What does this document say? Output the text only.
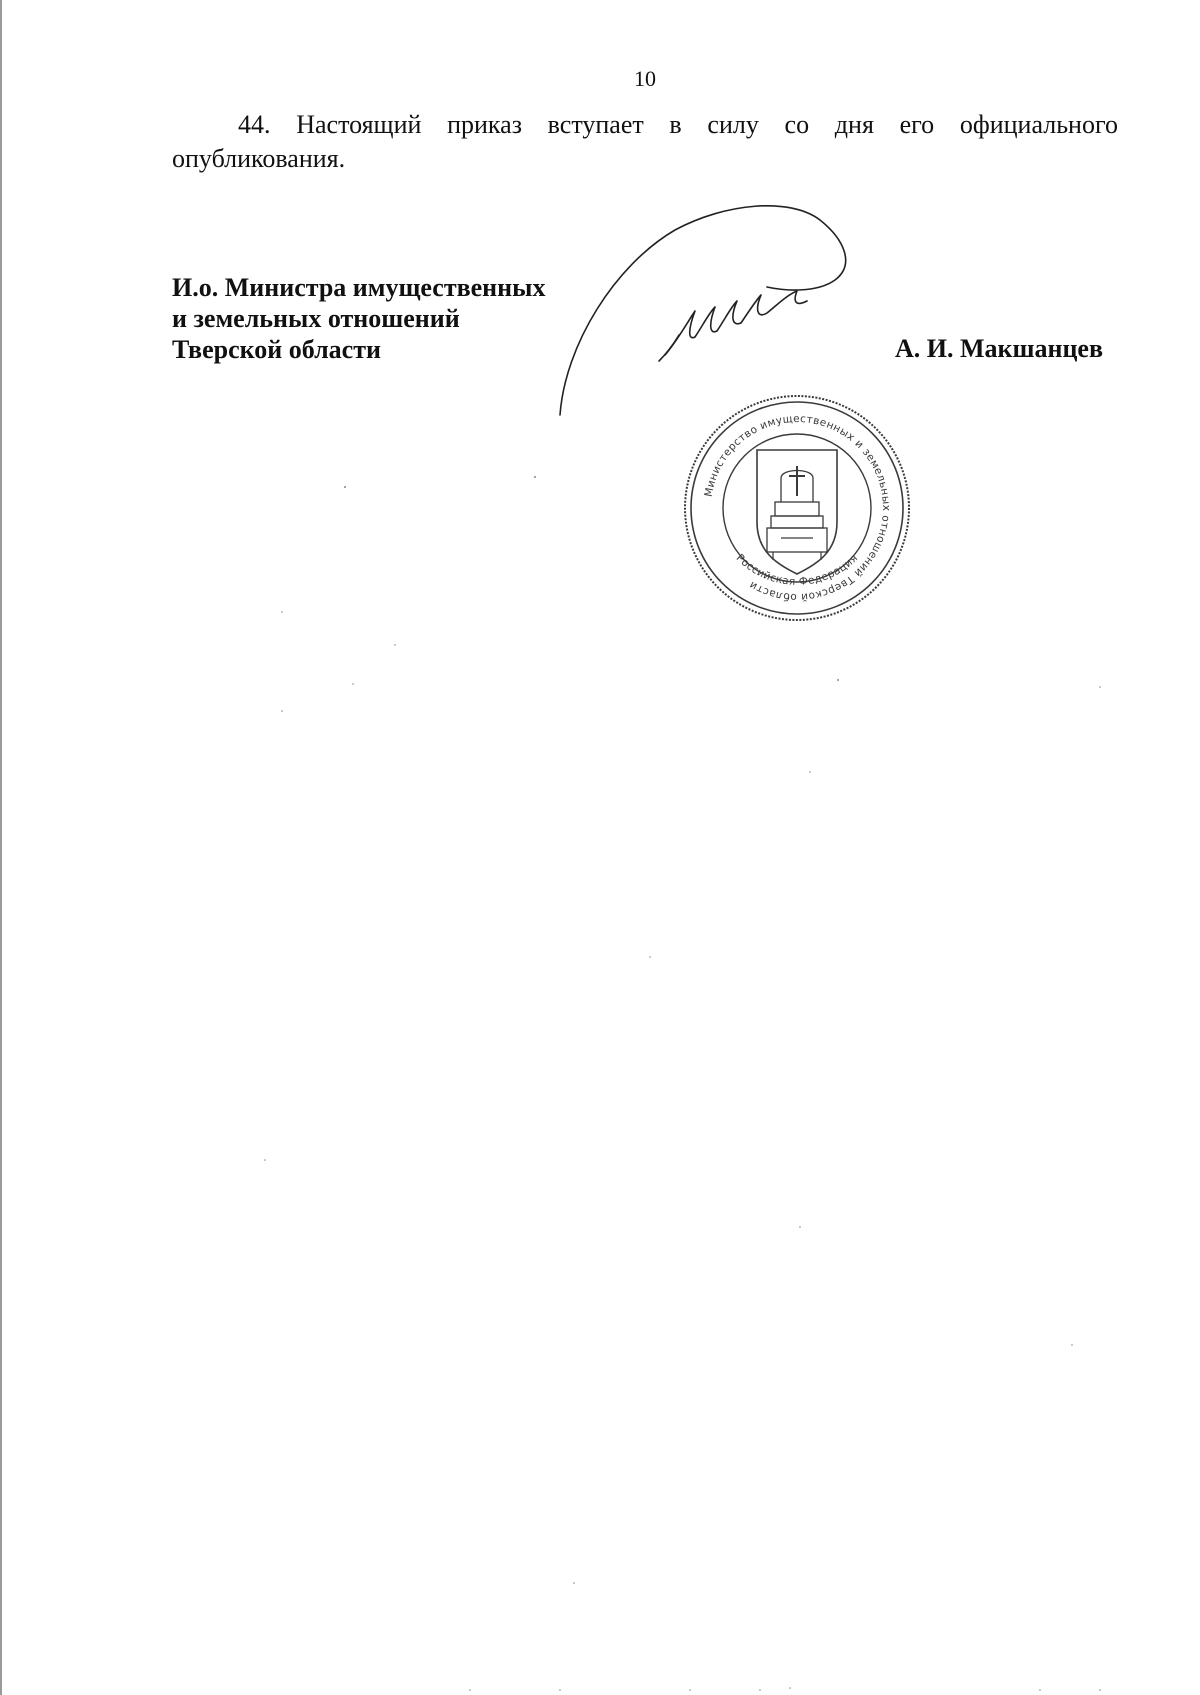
10

44. Настоящий приказ вступает в силу со дня его официального опубликования.

И.о. Министра имущественных
и земельных отношений
Тверской области	А. И. Макшанцев
Министерство имущественных и земельных отношений Тверской области
Российская Федерация
